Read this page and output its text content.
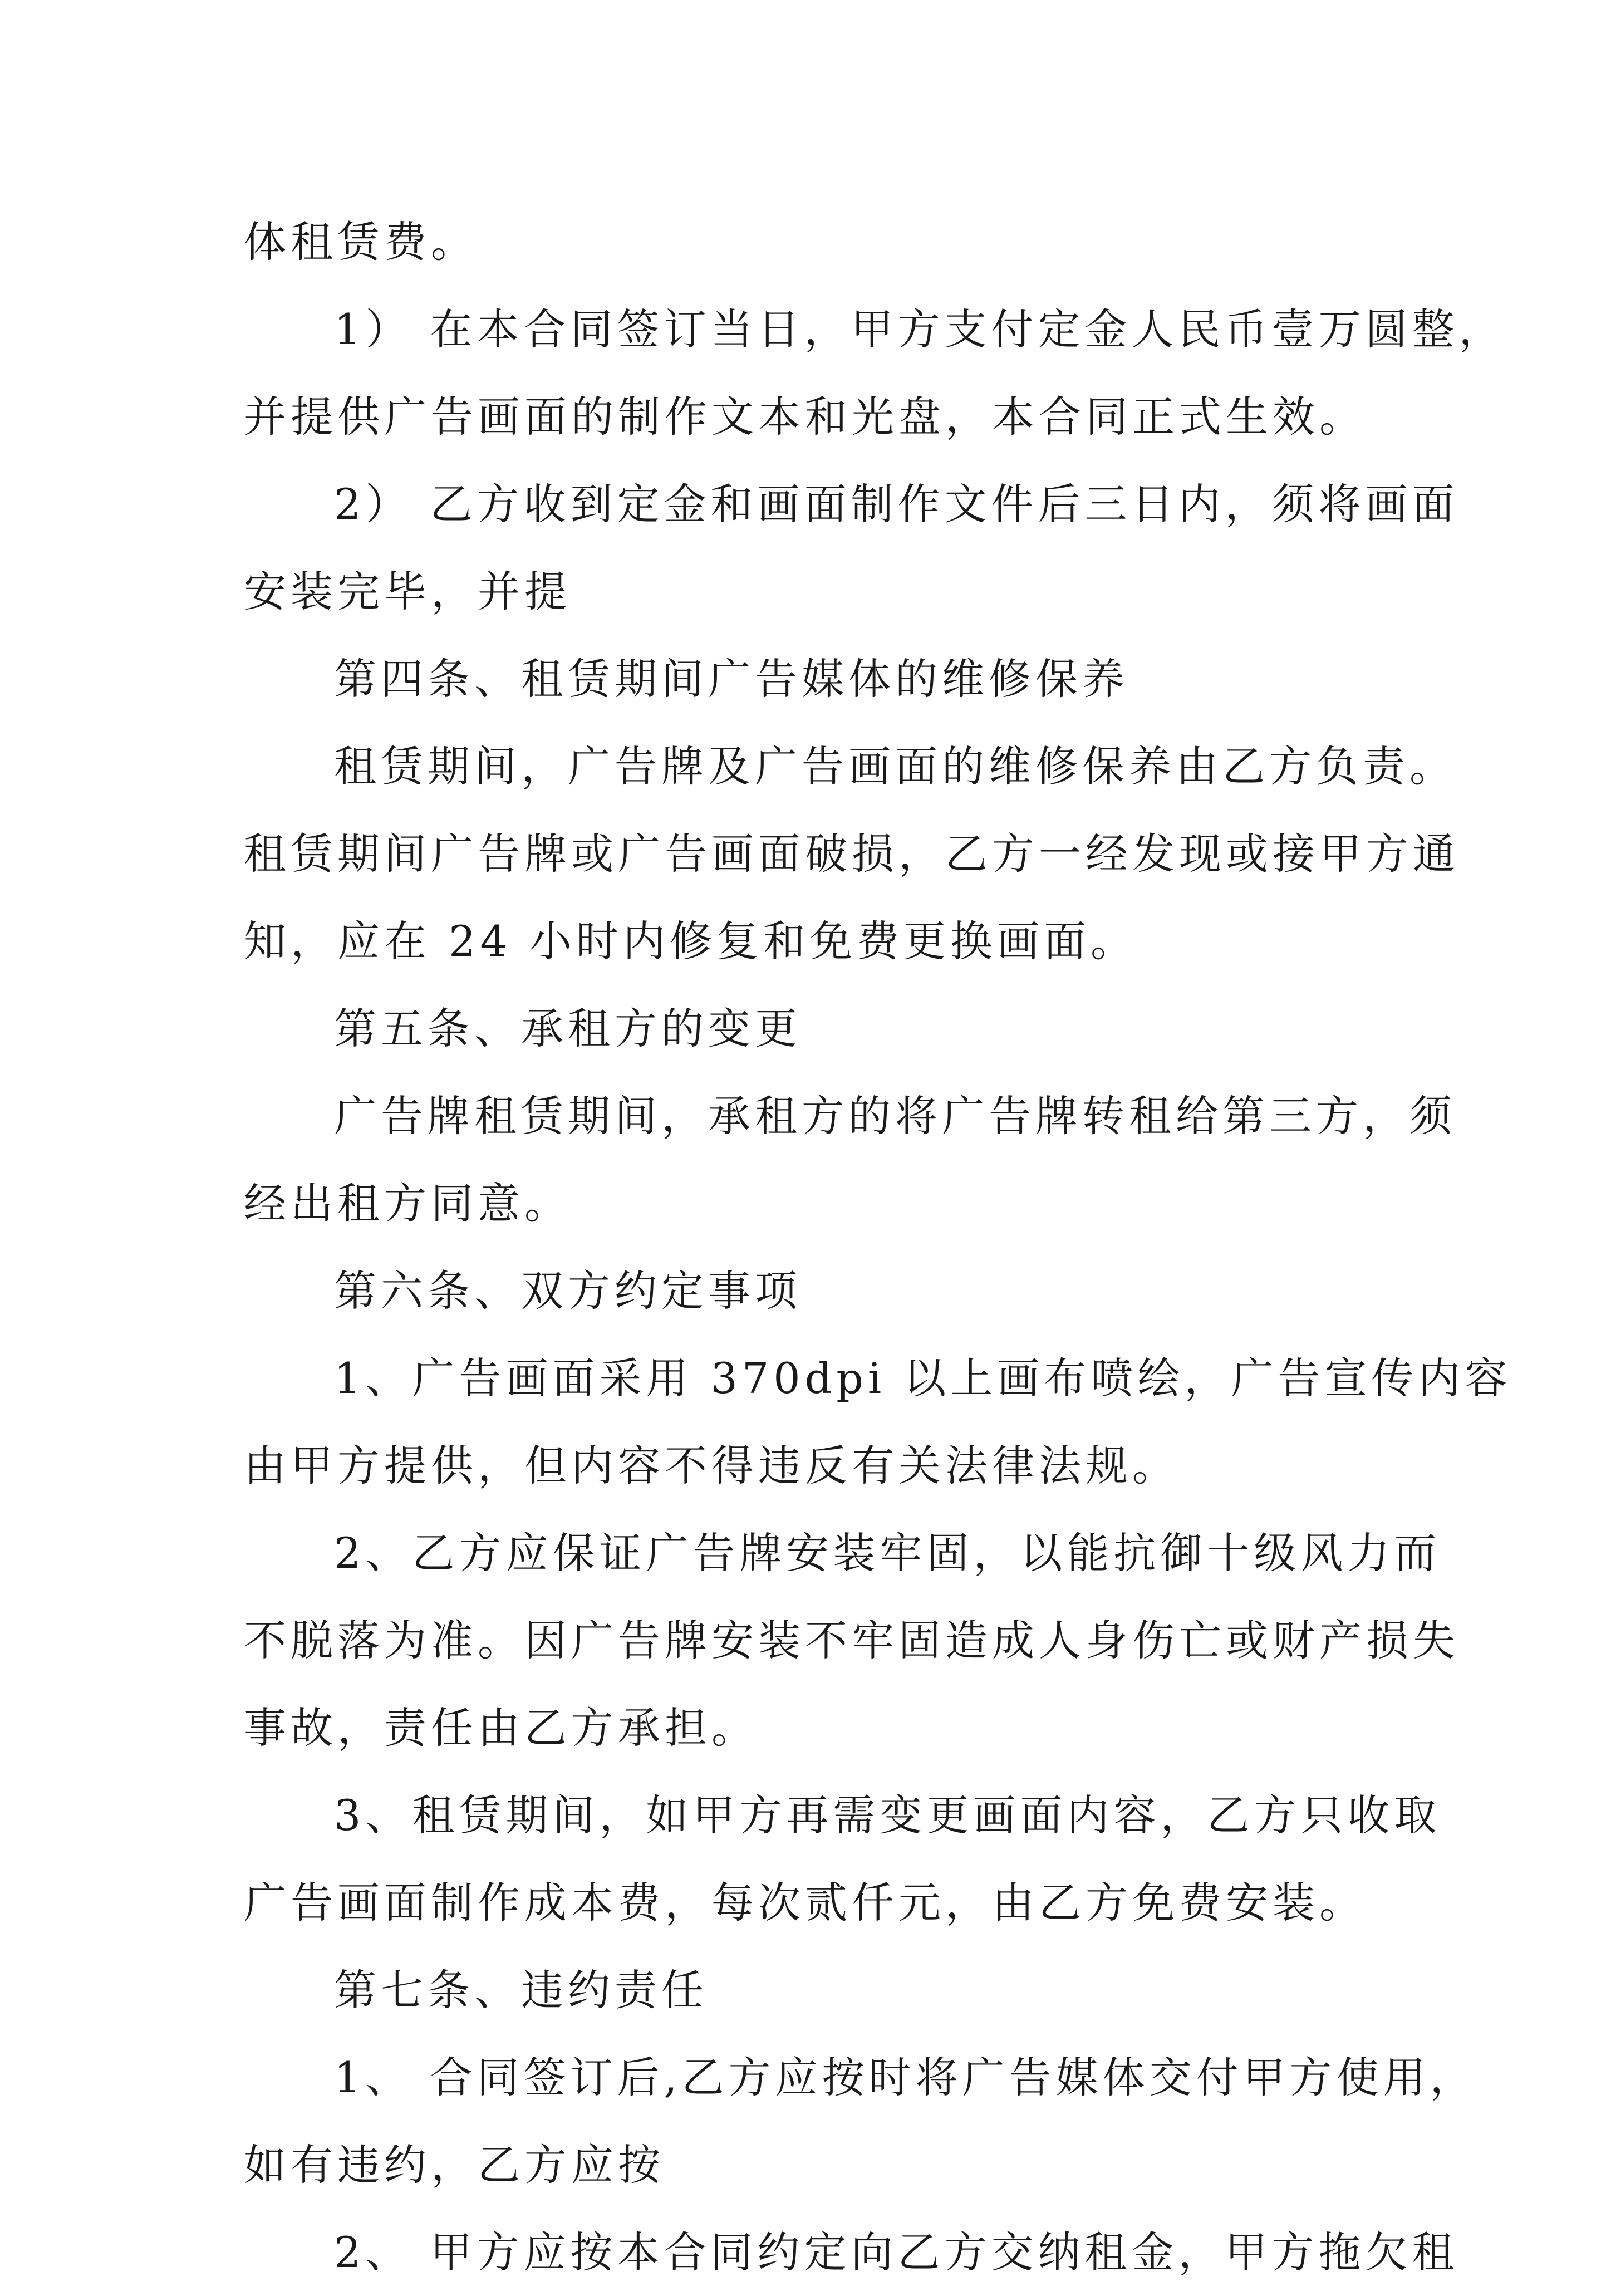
体租赁费。
1） 在本合同签订当日，甲方支付定金人民币壹万圆整，
并提供广告画面的制作文本和光盘，本合同正式生效。
2） 乙方收到定金和画面制作文件后三日内，须将画面
安装完毕，并提
第四条、租赁期间广告媒体的维修保养
租赁期间，广告牌及广告画面的维修保养由乙方负责。
租赁期间广告牌或广告画面破损，乙方一经发现或接甲方通
知，应在 24 小时内修复和免费更换画面。
第五条、承租方的变更
广告牌租赁期间，承租方的将广告牌转租给第三方，须
经出租方同意。
第六条、双方约定事项
1、广告画面采用 370dpi 以上画布喷绘，广告宣传内容
由甲方提供，但内容不得违反有关法律法规。
2、乙方应保证广告牌安装牢固，以能抗御十级风力而
不脱落为准。因广告牌安装不牢固造成人身伤亡或财产损失
事故，责任由乙方承担。
3、租赁期间，如甲方再需变更画面内容，乙方只收取
广告画面制作成本费，每次贰仟元，由乙方免费安装。
第七条、违约责任
1、 合同签订后,乙方应按时将广告媒体交付甲方使用，
如有违约，乙方应按
2、 甲方应按本合同约定向乙方交纳租金，甲方拖欠租
